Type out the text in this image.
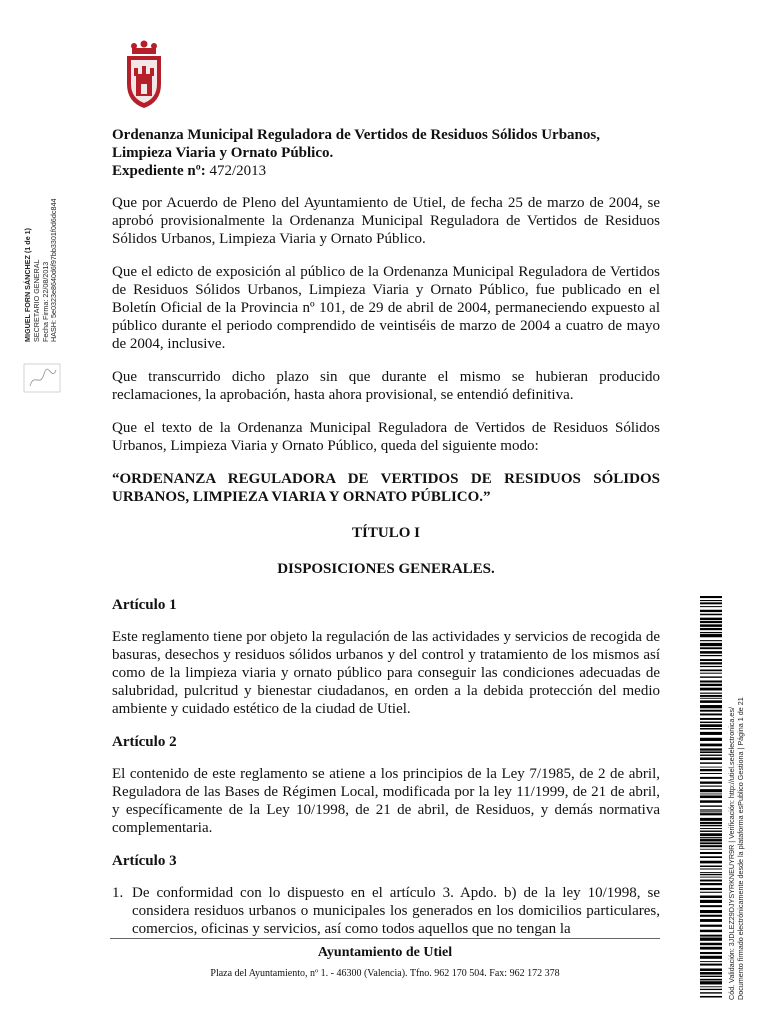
MIGUEL FORN SÁNCHEZ (1 de 1) SECRETARIO GENERAL Fecha Firma: 22/08/2013 HASH: 5e0323e8640d6f97bb3301f0d6dc844
Ordenanza Municipal Reguladora de Vertidos de Residuos Sólidos Urbanos,
Limpieza Viaria y Ornato Público.
Expediente nº: 472/2013

Que por Acuerdo de Pleno del Ayuntamiento de Utiel, de fecha 25 de marzo de 2004, se aprobó provisionalmente la Ordenanza Municipal Reguladora de Vertidos de Residuos Sólidos Urbanos, Limpieza Viaria y Ornato Público.

Que el edicto de exposición al público de la Ordenanza Municipal Reguladora de Vertidos de Residuos Sólidos Urbanos, Limpieza Viaria y Ornato Público, fue publicado en el Boletín Oficial de la Provincia nº 101, de 29 de abril de 2004, permaneciendo expuesto al público durante el periodo comprendido de veintiséis de marzo de 2004 a cuatro de mayo de 2004, inclusive.

Que transcurrido dicho plazo sin que durante el mismo se hubieran producido reclamaciones, la aprobación, hasta ahora provisional, se entendió definitiva.

Que el texto de la Ordenanza Municipal Reguladora de Vertidos de Residuos Sólidos Urbanos, Limpieza Viaria y Ornato Público, queda del siguiente modo:

“ORDENANZA REGULADORA DE VERTIDOS DE RESIDUOS SÓLIDOS URBANOS, LIMPIEZA VIARIA Y ORNATO PÚBLICO.”
TÍTULO I
DISPOSICIONES GENERALES.
Artículo 1

Este reglamento tiene por objeto la regulación de las actividades y servicios de recogida de basuras, desechos y residuos sólidos urbanos y del control y tratamiento de los mismos así como de la limpieza viaria y ornato público para conseguir las condiciones adecuadas de salubridad, pulcritud y bienestar ciudadanos, en orden a la debida protección del medio ambiente y cuidado estético de la ciudad de Utiel.

Artículo 2

El contenido de este reglamento se atiene a los principios de la Ley 7/1985, de 2 de abril, Reguladora de las Bases de Régimen Local, modificada por la ley 11/1999, de 21 de abril, y específicamente de la Ley 10/1998, de 21 de abril, de Residuos, y demás normativa complementaria.

Artículo 3
1. De conformidad con lo dispuesto en el artículo 3. Apdo. b) de la ley 10/1998, se considera residuos urbanos o municipales los generados en los domicilios particulares, comercios, oficinas y servicios, así como todos aquellos que no tengan la
Ayuntamiento de Utiel
Plaza del Ayuntamiento, nº 1. - 46300 (Valencia). Tfno. 962 170 504. Fax: 962 172 378	Cód. Validación: 3JDLEZ29DJYSYRKNEUYR9R | Verificación: http://utiel.sedelectronica.es/ Documento firmado electrónicamente desde la plataforma esPublico Gestiona | Página 1 de 21
